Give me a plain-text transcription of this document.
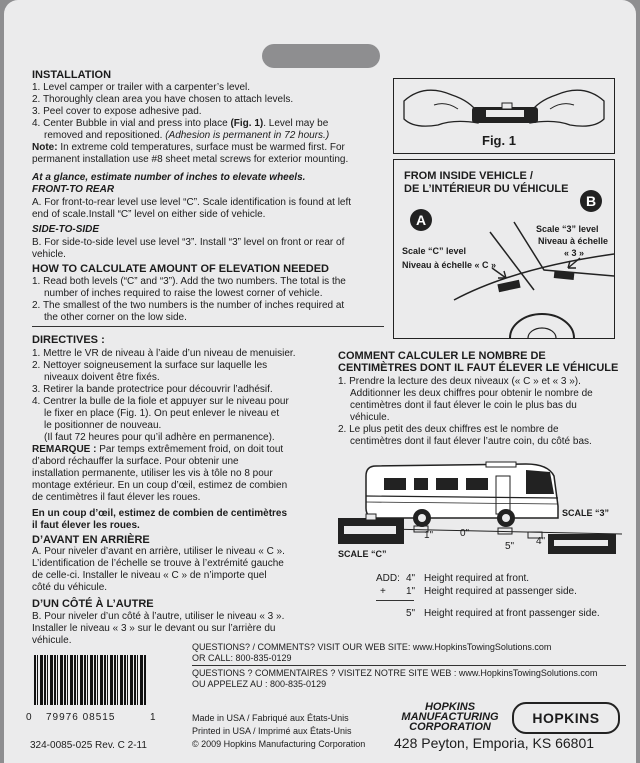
INSTALLATION
1. Level camper or trailer with a carpenter’s level.
2. Thoroughly clean area you have chosen to attach levels.
3. Peel cover to expose adhesive pad.
4. Center Bubble in vial and press into place (Fig. 1). Level may be
removed and repositioned. (Adhesion is permanent in 72 hours.)
Note: In extreme cold temperatures, surface must be warmed first. For
permanent installation use #8 sheet metal screws for exterior mounting.
At a glance, estimate number of inches to elevate wheels.
FRONT-TO REAR
A. For front-to-rear level use level “C”. Scale identification is found at left
end of scale.Install “C” level on either side of vehicle.
SIDE-TO-SIDE
B. For side-to-side level use level “3”. Install “3” level on front or rear of
vehicle.
HOW TO CALCULATE AMOUNT OF ELEVATION NEEDED
1. Read both levels (“C” and “3”). Add the two numbers. The total is the
number of inches required to raise the lowest corner of vehicle.
2. The smallest of the two numbers is the number of inches required at
the other corner on the low side.
Fig. 1
FROM INSIDE VEHICLE /
DE L’INTÉRIEUR DU VÉHICULE
A
B
Scale “3” level
Niveau à échelle
« 3 »
Scale “C” level
Niveau à échelle « C »
DIRECTIVES :
1. Mettre le VR de niveau à l’aide d’un niveau de menuisier.
2. Nettoyer soigneusement la surface sur laquelle les
niveaux doivent être fixés.
3. Retirer la bande protectrice pour découvrir l’adhésif.
4. Centrer la bulle de la fiole et appuyer sur le niveau pour
le fixer en place (Fig. 1). On peut enlever le niveau et
le positionner de nouveau.
(Il faut 72 heures pour qu’il adhère en permanence).
REMARQUE : Par temps extrêmement froid, on doit tout
d’abord réchauffer la surface. Pour obtenir une
installation permanente, utiliser les vis à tôle no 8 pour
montage extérieur. En un coup d’œil, estimez de combien
de centimètres il faut élever les roues.
En un coup d’œil, estimez de combien de centimètres
il faut élever les roues.
D’AVANT EN ARRIÈRE
A. Pour niveler d’avant en arrière, utiliser le niveau « C ».
L’identification de l’échelle se trouve à l’extrémité gauche
de celle-ci. Installer le niveau « C » de n’importe quel
côté du véhicule.
D’UN CÔTÉ À L’AUTRE
B. Pour niveler d’un côté à l’autre, utiliser le niveau « 3 ».
Installer le niveau « 3 » sur le devant ou sur l’arrière du
véhicule.
COMMENT CALCULER LE NOMBRE DE
CENTIMÈTRES DONT IL FAUT ÉLEVER LE VÉHICULE
1. Prendre la lecture des deux niveaux (« C » et « 3 »).
Additionner les deux chiffres pour obtenir le nombre de
centimètres dont il faut élever le coin le plus bas du
véhicule.
2. Le plus petit des deux chiffres est le nombre de
centimètres dont il faut élever l’autre coin, du côté bas.
SCALE “3”
SCALE “C”
1"	0"
5" 4"
ADD: 4" Height required at front.
+ 1" Height required at passenger side.
5" Height required at front passenger side.
QUESTIONS? / COMMENTS? VISIT OUR WEB SITE: www.HopkinsTowingSolutions.com
OR CALL: 800-835-0129
QUESTIONS ? COMMENTAIRES ? VISITEZ NOTRE SITE WEB : www.HopkinsTowingSolutions.com
OU APPELEZ AU : 800-835-0129
0 79976 08515	1	Made in USA / Fabriqué aux États-Unis
Printed in USA / Imprimé aux États-Unis
© 2009 Hopkins Manufacturing Corporation
324-0085-025 Rev. C 2-11	428 Peyton, Emporia, KS 66801
HOPKINS
MANUFACTURING
CORPORATION
HOPKINS
